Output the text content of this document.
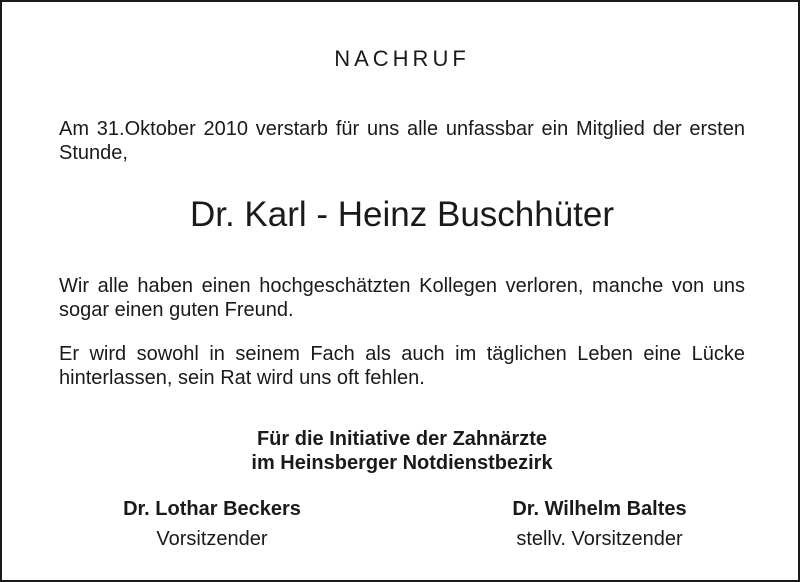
NACHRUF
Am 31.Oktober 2010 verstarb für uns alle unfassbar ein Mitglied der ersten Stunde,
Dr. Karl - Heinz Buschhüter
Wir alle haben einen hochgeschätzten Kollegen verloren, manche von uns sogar einen guten Freund.
Er wird sowohl in seinem Fach als auch im täglichen Leben eine Lücke hinterlassen, sein Rat wird uns oft fehlen.
Für die Initiative der Zahnärzte
im Heinsberger Notdienstbezirk
Dr. Lothar Beckers
Vorsitzender
Dr. Wilhelm Baltes
stellv. Vorsitzender
